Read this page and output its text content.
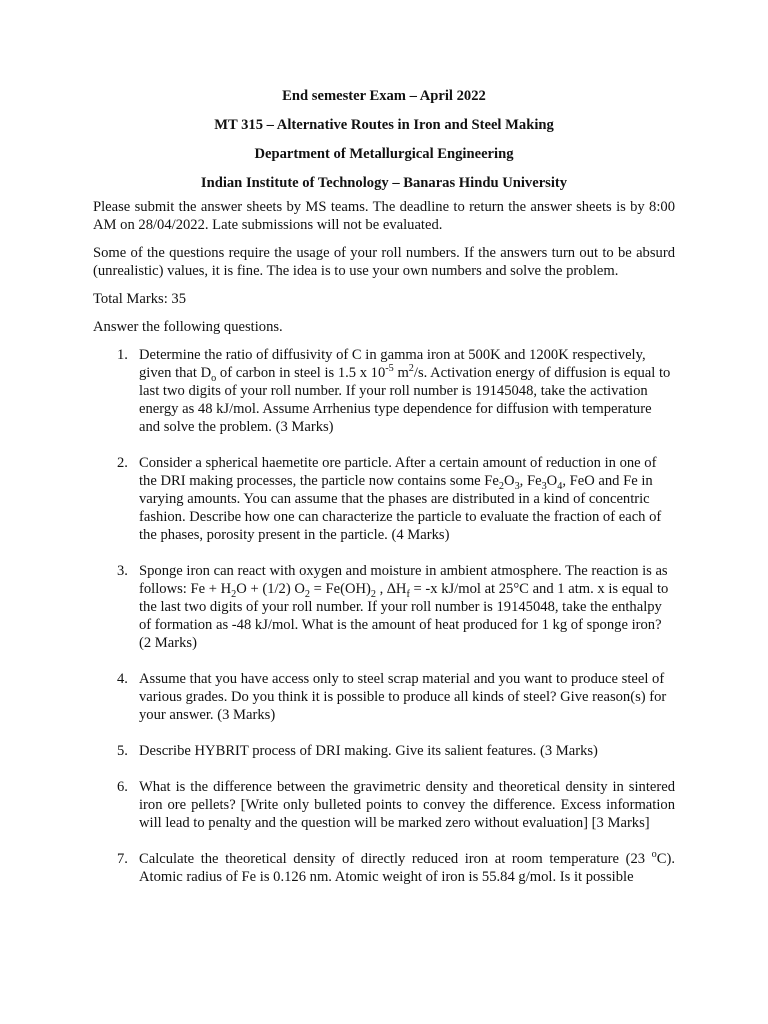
End semester Exam – April 2022
MT 315 – Alternative Routes in Iron and Steel Making
Department of Metallurgical Engineering
Indian Institute of Technology – Banaras Hindu University

Please submit the answer sheets by MS teams. The deadline to return the answer sheets is by 8:00 AM on 28/04/2022. Late submissions will not be evaluated.

Some of the questions require the usage of your roll numbers. If the answers turn out to be absurd (unrealistic) values, it is fine. The idea is to use your own numbers and solve the problem.

Total Marks: 35

Answer the following questions.

1. Determine the ratio of diffusivity of C in gamma iron at 500K and 1200K respectively, given that $D_o$ of carbon in steel is 1.5 x $10^{-5}$ $m^2/s$. Activation energy of diffusion is equal to last two digits of your roll number. If your roll number is 19145048, take the activation energy as 48 kJ/mol. Assume Arrhenius type dependence for diffusion with temperature and solve the problem. (3 Marks)
2. Consider a spherical haemetite ore particle. After a certain amount of reduction in one of the DRI making processes, the particle now contains some $Fe_2O_3$, $Fe_3O_4$, FeO and Fe in varying amounts. You can assume that the phases are distributed in a kind of concentric fashion. Describe how one can characterize the particle to evaluate the fraction of each of the phases, porosity present in the particle. (4 Marks)
3. Sponge iron can react with oxygen and moisture in ambient atmosphere. The reaction is as follows: $Fe + H_2O + (1/2) O_2 = Fe(OH)_2$ , $\Delta H_f = -x$ kJ/mol at 25°C and 1 atm. x is equal to the last two digits of your roll number. If your roll number is 19145048, take the enthalpy of formation as -48 kJ/mol. What is the amount of heat produced for 1 kg of sponge iron? (2 Marks)
4. Assume that you have access only to steel scrap material and you want to produce steel of various grades. Do you think it is possible to produce all kinds of steel? Give reason(s) for your answer. (3 Marks)
5. Describe HYBRIT process of DRI making. Give its salient features. (3 Marks)
6. What is the difference between the gravimetric density and theoretical density in sintered iron ore pellets? [Write only bulleted points to convey the difference. Excess information will lead to penalty and the question will be marked zero without evaluation] [3 Marks]
7. Calculate the theoretical density of directly reduced iron at room temperature (23 $^o$C). Atomic radius of Fe is 0.126 nm. Atomic weight of iron is 55.84 g/mol. Is it possible
